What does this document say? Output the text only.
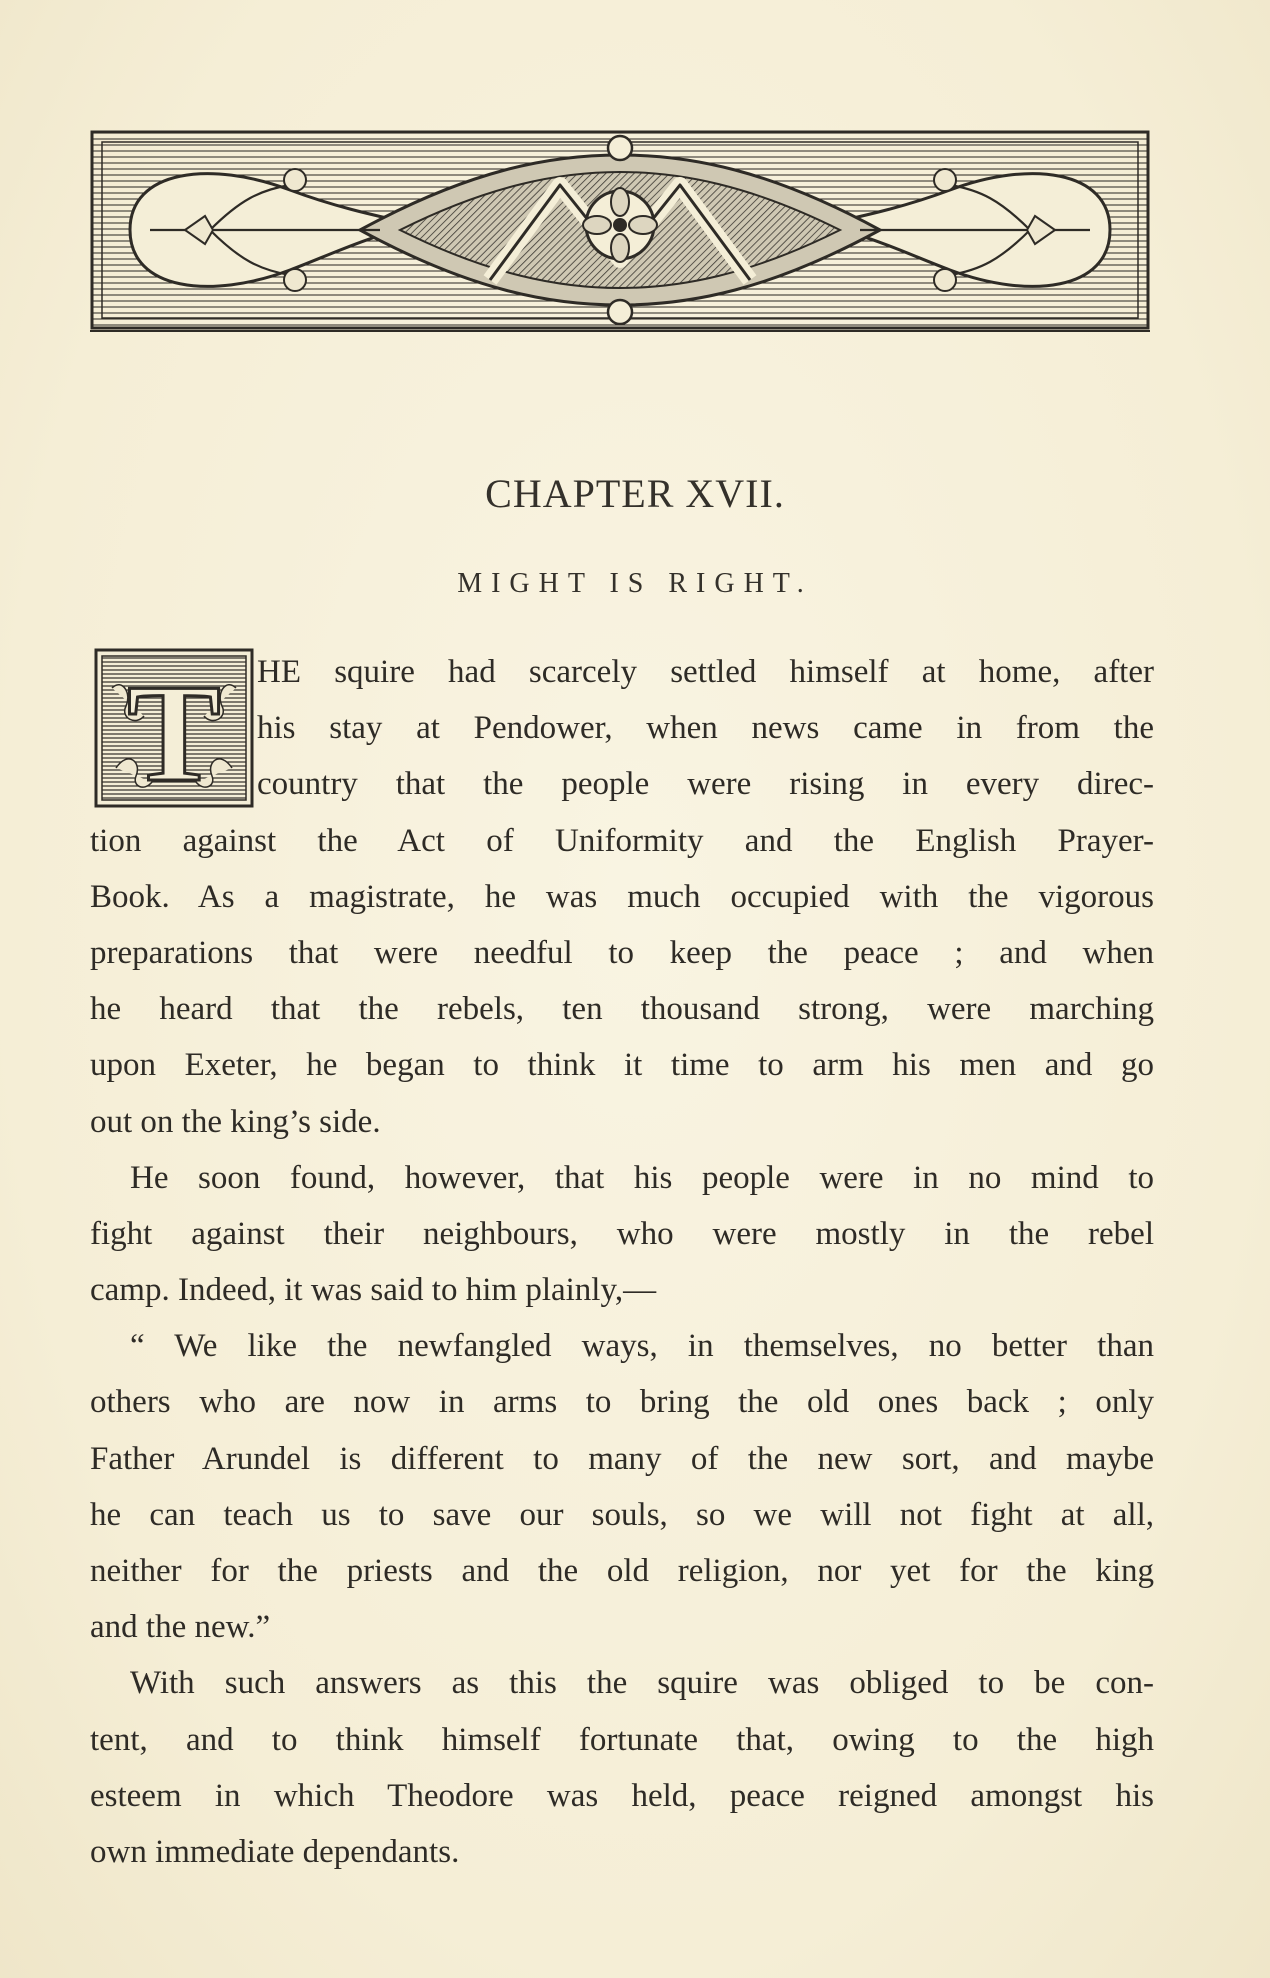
CHAPTER XVII.
MIGHT IS RIGHT.
T	HE squire had scarcely settled himself at home, after
his stay at Pendower, when news came in from the
country that the people were rising in every direc-
tion against the Act of Uniformity and the English Prayer-
Book. As a magistrate, he was much occupied with the vigorous
preparations that were needful to keep the peace ; and when
he heard that the rebels, ten thousand strong, were marching
upon Exeter, he began to think it time to arm his men and go
out on the king’s side.
He soon found, however, that his people were in no mind to
fight against their neighbours, who were mostly in the rebel
camp. Indeed, it was said to him plainly,—
“ We like the newfangled ways, in themselves, no better than
others who are now in arms to bring the old ones back ; only
Father Arundel is different to many of the new sort, and maybe
he can teach us to save our souls, so we will not fight at all,
neither for the priests and the old religion, nor yet for the king
and the new.”
With such answers as this the squire was obliged to be con-
tent, and to think himself fortunate that, owing to the high
esteem in which Theodore was held, peace reigned amongst his
own immediate dependants.
